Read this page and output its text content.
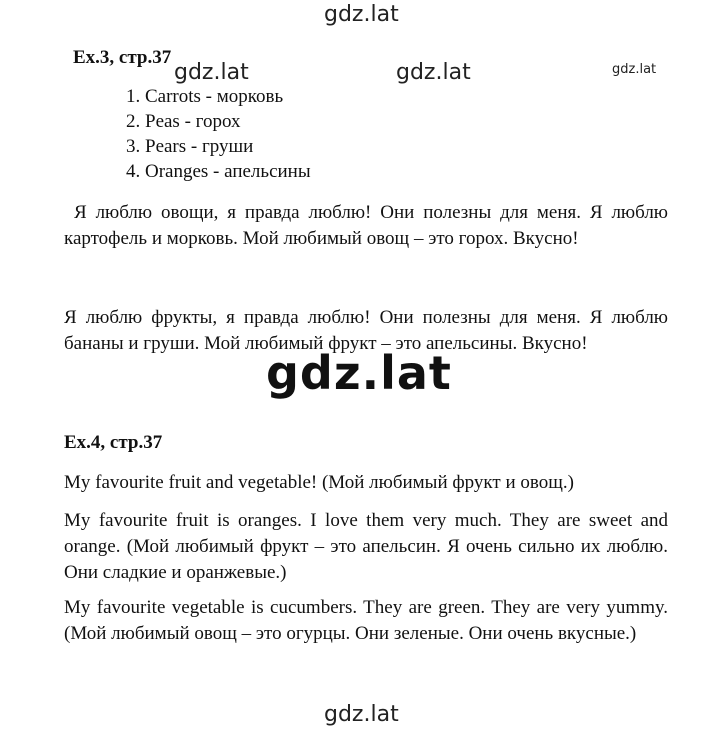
gdz.lat
Ex.3, стр.37
gdz.lat	gdz.lat	gdz.lat
1. Carrots - морковь
2. Peas - горох
3. Pears - груши
4. Oranges - апельсины
Я люблю овощи, я правда люблю! Они полезны для меня. Я люблю картофель и морковь. Мой любимый овощ – это горох. Вкусно!
Я люблю фрукты, я правда люблю! Они полезны для меня. Я люблю бананы и груши. Мой любимый фрукт – это апельсины. Вкусно!
gdz.lat
Ex.4, стр.37
My favourite fruit and vegetable! (Мой любимый фрукт и овощ.)
My favourite fruit is oranges. I love them very much. They are sweet and orange. (Мой любимый фрукт – это апельсин. Я очень сильно их люблю. Они сладкие и оранжевые.)
My favourite vegetable is cucumbers. They are green. They are very yummy. (Мой любимый овощ – это огурцы. Они зеленые. Они очень вкусные.)
gdz.lat
